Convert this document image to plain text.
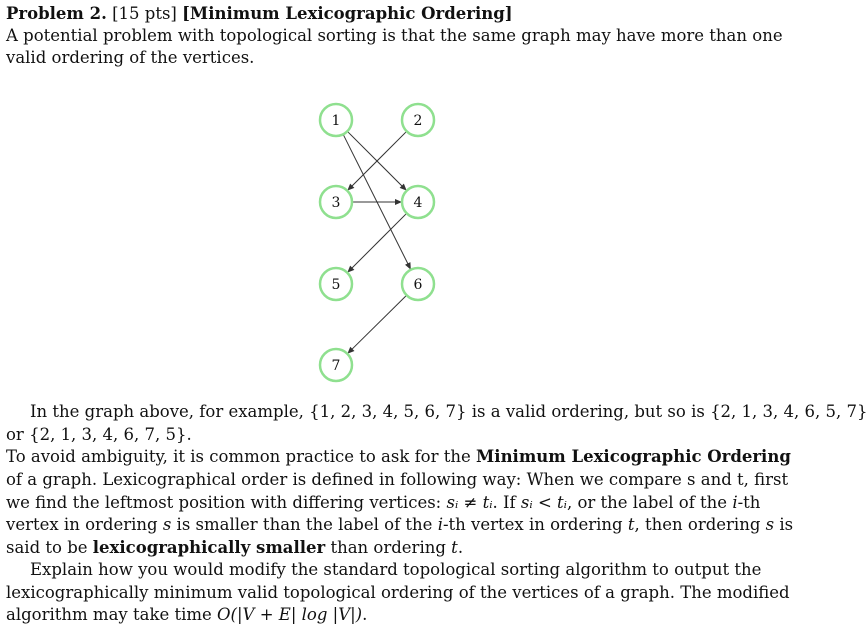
Problem 2. [15 pts] [Minimum Lexicographic Ordering]
A potential problem with topological sorting is that the same graph may have more than one
valid ordering of the vertices.
1	2
3	4
5	6
7
In the graph above, for example, {1, 2, 3, 4, 5, 6, 7} is a valid ordering, but so is {2, 1, 3, 4, 6, 5, 7}
or {2, 1, 3, 4, 6, 7, 5}.
To avoid ambiguity, it is common practice to ask for the Minimum Lexicographic Ordering
of a graph. Lexicographical order is defined in following way: When we compare s and t, first
we find the leftmost position with differing vertices: sᵢ ≠ tᵢ. If sᵢ < tᵢ, or the label of the i-th
vertex in ordering s is smaller than the label of the i-th vertex in ordering t, then ordering s is
said to be lexicographically smaller than ordering t.
Explain how you would modify the standard topological sorting algorithm to output the
lexicographically minimum valid topological ordering of the vertices of a graph. The modified
algorithm may take time O(|V + E| log |V|).
